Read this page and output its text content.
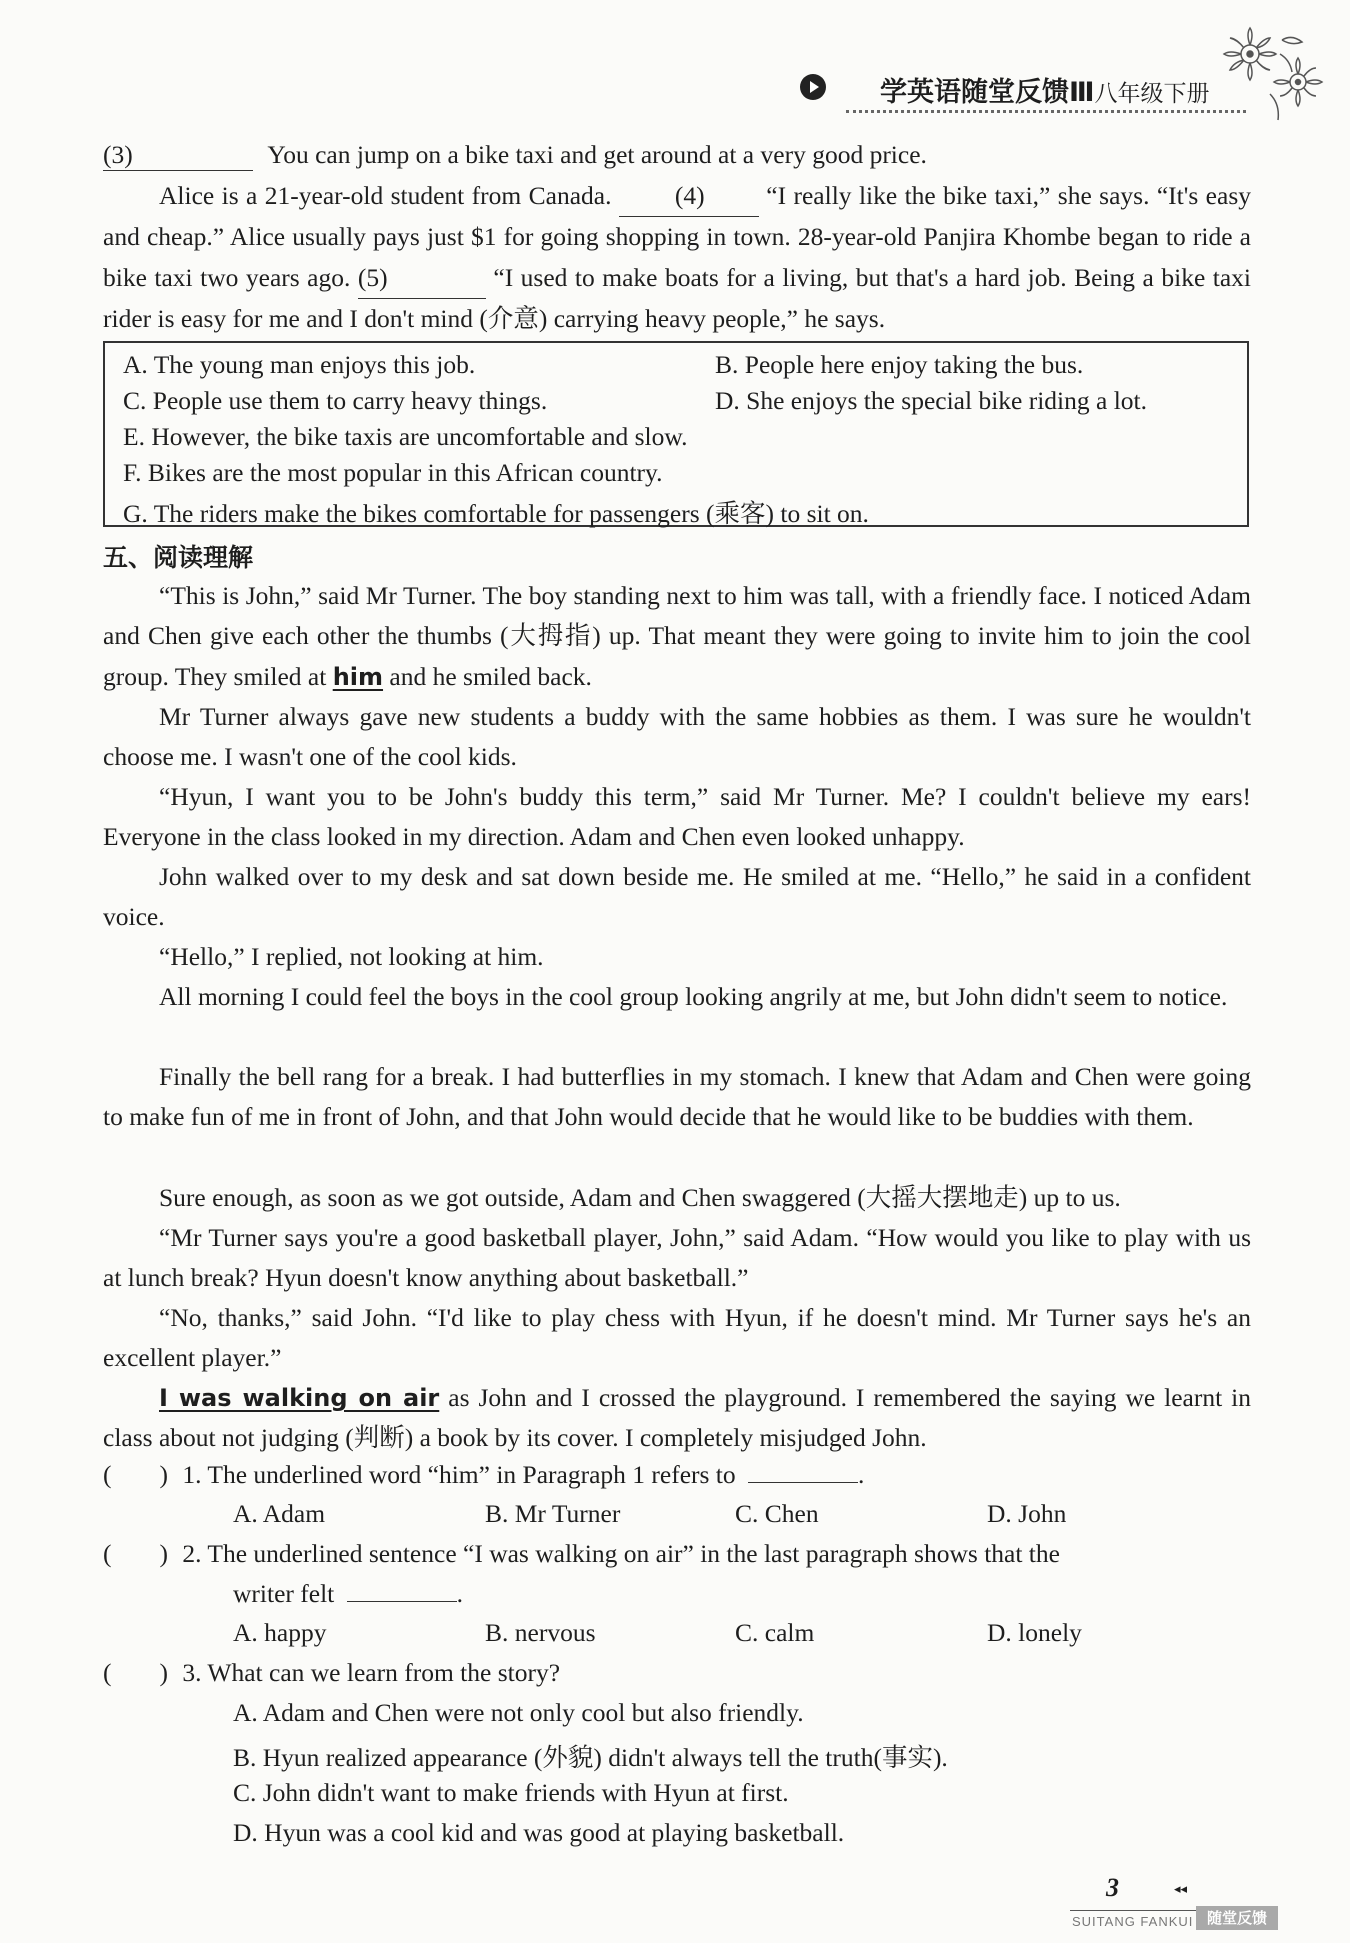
学英语随堂反馈Ⅲ八年级下册
(3)	You can jump on a bike taxi and get around at a very good price.
Alice is a 21-year-old student from Canada. (4) “I really like the bike taxi,” she says. “It's easy and cheap.” Alice usually pays just $1 for going shopping in town. 28-year-old Panjira Khombe began to ride a bike taxi two years ago. (5)	“I used to make boats for a living, but that's a hard job. Being a bike taxi rider is easy for me and I don't mind (介意) carrying heavy people,” he says.
A. The young man enjoys this job.	B. People here enjoy taking the bus.
C. People use them to carry heavy things.	D. She enjoys the special bike riding a lot.
E. However, the bike taxis are uncomfortable and slow.
F. Bikes are the most popular in this African country.
G. The riders make the bikes comfortable for passengers (乘客) to sit on.
五、阅读理解
“This is John,” said Mr Turner. The boy standing next to him was tall, with a friendly face. I noticed Adam and Chen give each other the thumbs (大拇指) up. That meant they were going to invite him to join the cool group. They smiled at him and he smiled back.
Mr Turner always gave new students a buddy with the same hobbies as them. I was sure he wouldn't choose me. I wasn't one of the cool kids.
“Hyun, I want you to be John's buddy this term,” said Mr Turner. Me? I couldn't believe my ears! Everyone in the class looked in my direction. Adam and Chen even looked unhappy.
John walked over to my desk and sat down beside me. He smiled at me. “Hello,” he said in a confident voice.
“Hello,” I replied, not looking at him.
All morning I could feel the boys in the cool group looking angrily at me, but John didn't seem to notice.
Finally the bell rang for a break. I had butterflies in my stomach. I knew that Adam and Chen were going to make fun of me in front of John, and that John would decide that he would like to be buddies with them.
Sure enough, as soon as we got outside, Adam and Chen swaggered (大摇大摆地走) up to us.
“Mr Turner says you're a good basketball player, John,” said Adam. “How would you like to play with us at lunch break? Hyun doesn't know anything about basketball.”
“No, thanks,” said John. “I'd like to play chess with Hyun, if he doesn't mind. Mr Turner says he's an excellent player.”
I was walking on air as John and I crossed the playground. I remembered the saying we learnt in class about not judging (判断) a book by its cover. I completely misjudged John.
( ) 1. The underlined word “him” in Paragraph 1 refers to	.
A. Adam	B. Mr Turner	C. Chen	D. John
( ) 2. The underlined sentence “I was walking on air” in the last paragraph shows that the
writer felt	.
A. happy	B. nervous	C. calm	D. lonely
( ) 3. What can we learn from the story?
A. Adam and Chen were not only cool but also friendly.
B. Hyun realized appearance (外貌) didn't always tell the truth(事实).
C. John didn't want to make friends with Hyun at first.
D. Hyun was a cool kid and was good at playing basketball.
3	◂◂
SUITANG FANKUI 随堂反馈
